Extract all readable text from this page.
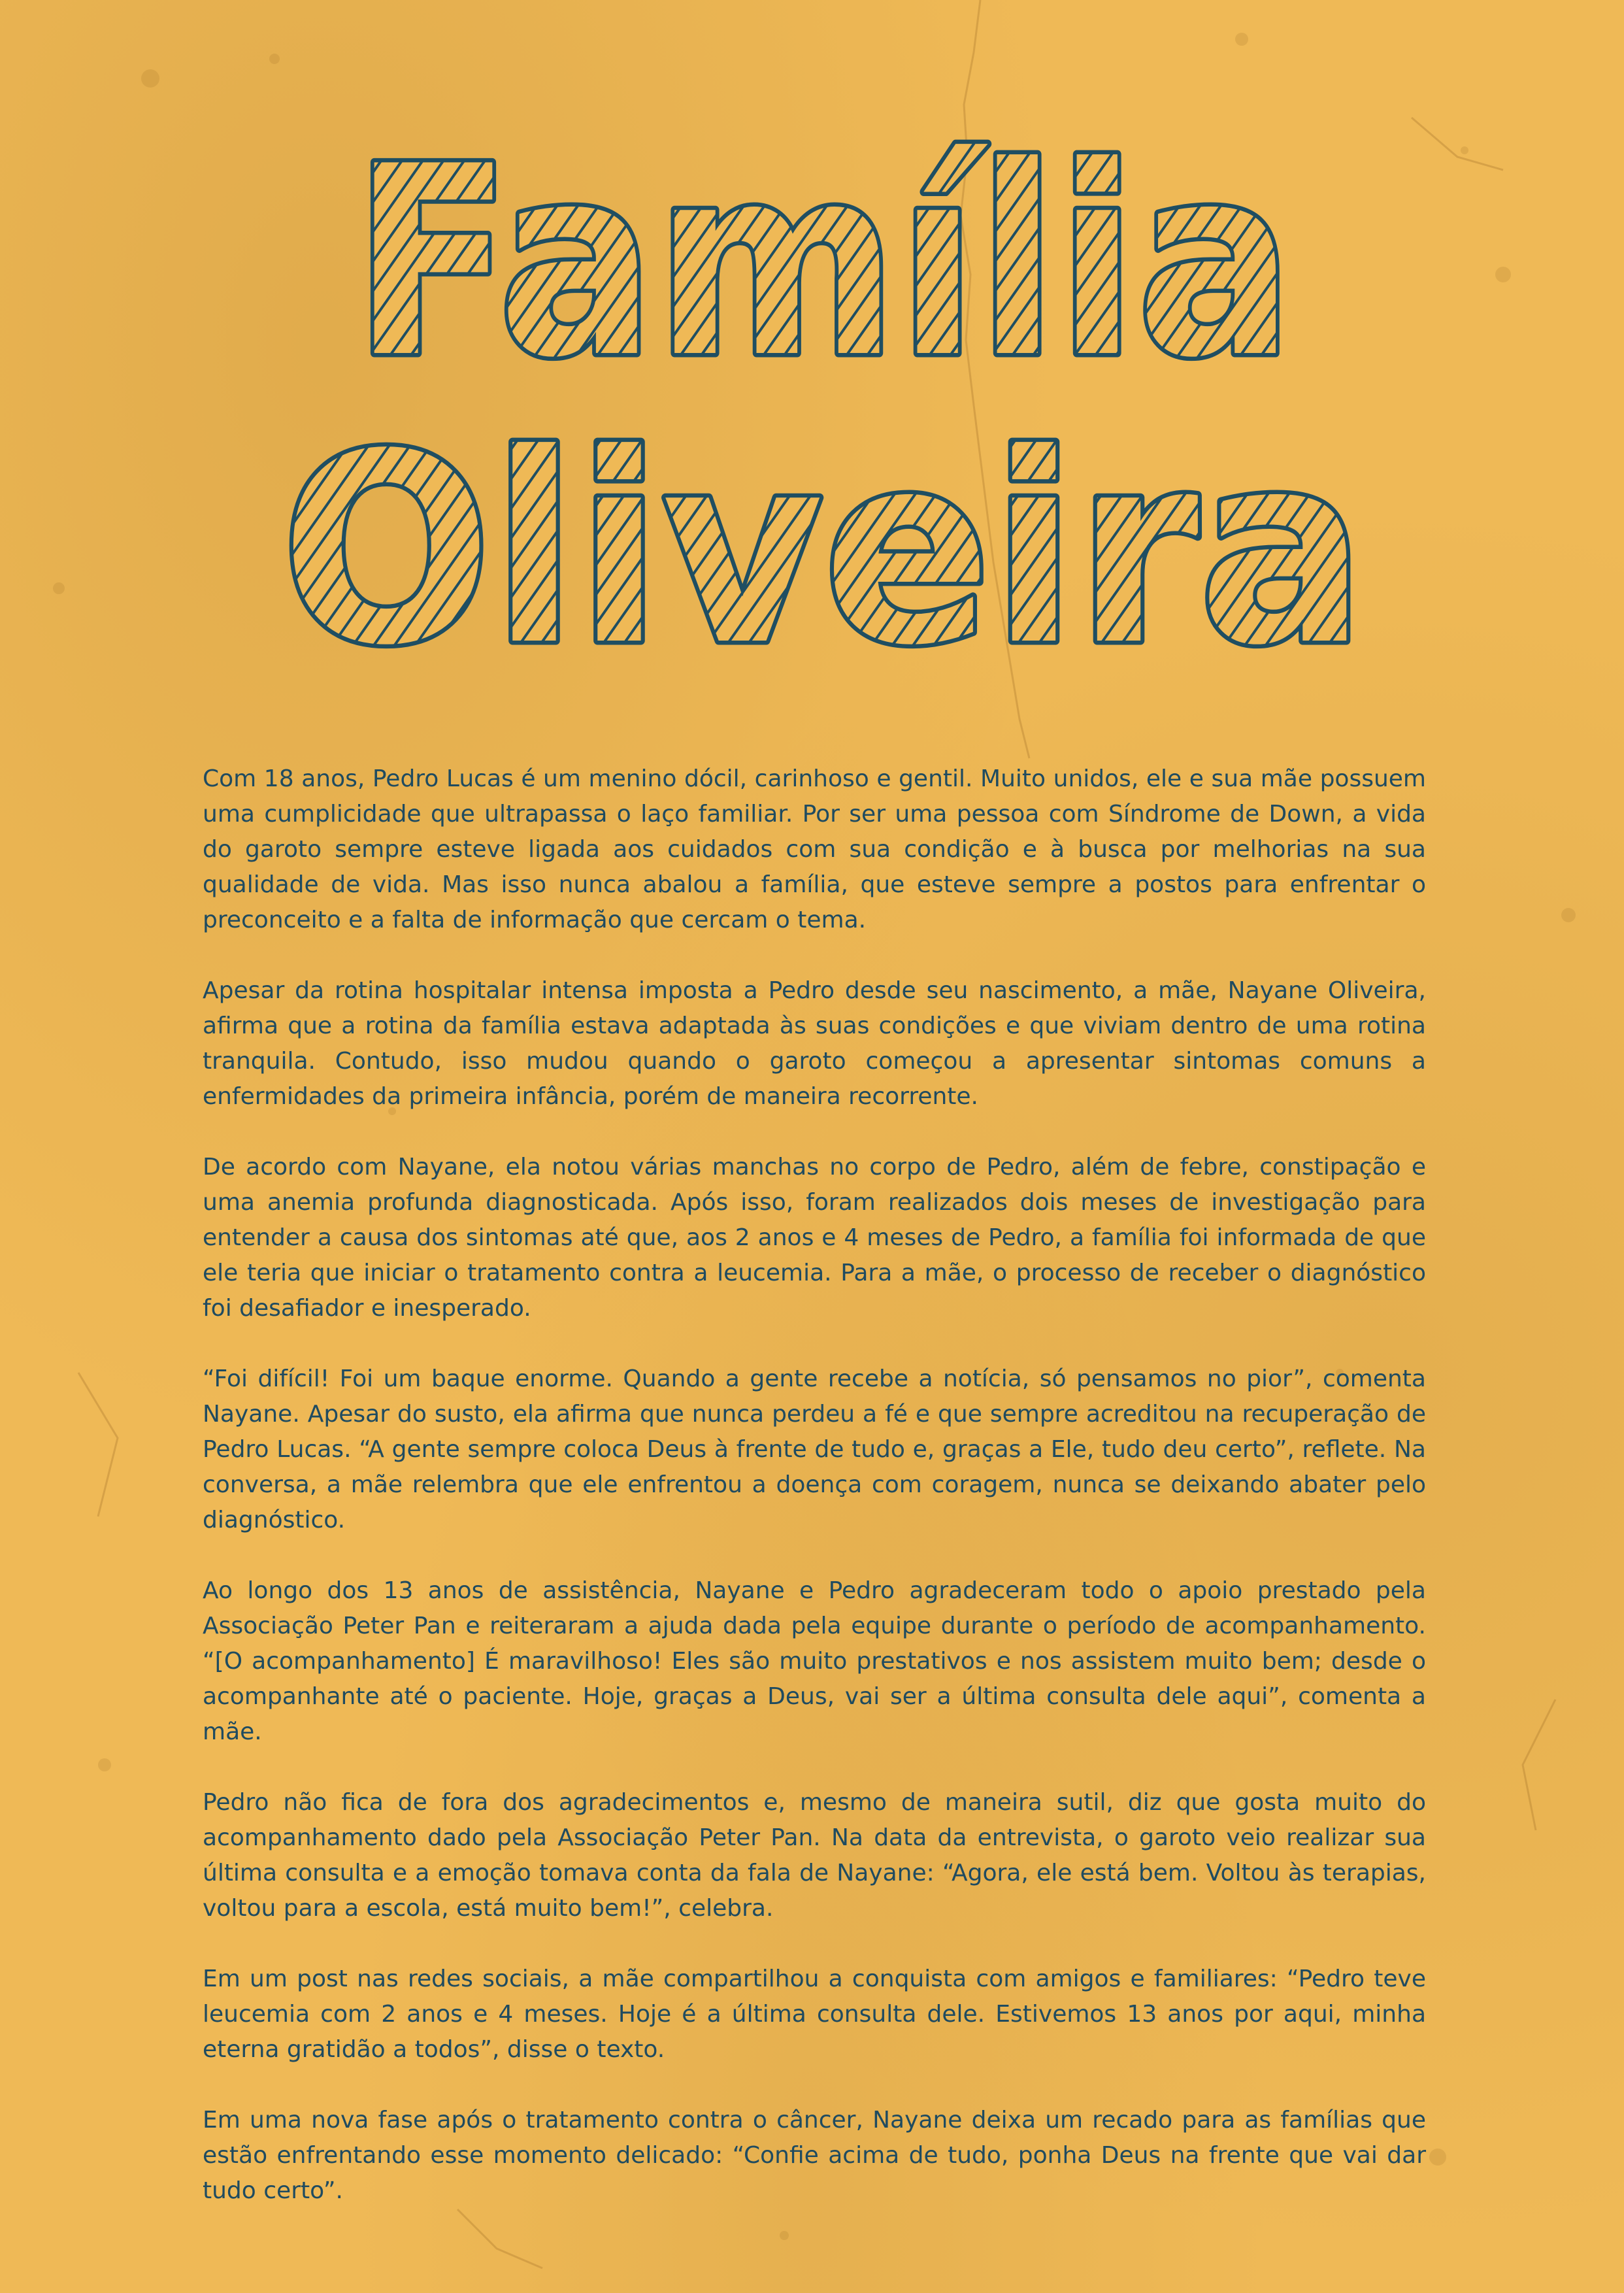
Família
Oliveira

Com 18 anos, Pedro Lucas é um menino dócil, carinhoso e gentil. Muito unidos, ele e sua mãe possuem uma cumplicidade que ultrapassa o laço familiar. Por ser uma pessoa com Síndrome de Down, a vida do garoto sempre esteve ligada aos cuidados com sua condição e à busca por melhorias na sua qualidade de vida. Mas isso nunca abalou a família, que esteve sempre a postos para enfrentar o preconceito e a falta de informação que cercam o tema.

Apesar da rotina hospitalar intensa imposta a Pedro desde seu nascimento, a mãe, Nayane Oliveira, afirma que a rotina da família estava adaptada às suas condições e que viviam dentro de uma rotina tranquila. Contudo, isso mudou quando o garoto começou a apresentar sintomas comuns a enfermidades da primeira infância, porém de maneira recorrente.

De acordo com Nayane, ela notou várias manchas no corpo de Pedro, além de febre, constipação e uma anemia profunda diagnosticada. Após isso, foram realizados dois meses de investigação para entender a causa dos sintomas até que, aos 2 anos e 4 meses de Pedro, a família foi informada de que ele teria que iniciar o tratamento contra a leucemia. Para a mãe, o processo de receber o diagnóstico foi desafiador e inesperado.

“Foi difícil! Foi um baque enorme. Quando a gente recebe a notícia, só pensamos no pior”, comenta Nayane. Apesar do susto, ela afirma que nunca perdeu a fé e que sempre acreditou na recuperação de Pedro Lucas. “A gente sempre coloca Deus à frente de tudo e, graças a Ele, tudo deu certo”, reflete. Na conversa, a mãe relembra que ele enfrentou a doença com coragem, nunca se deixando abater pelo diagnóstico.

Ao longo dos 13 anos de assistência, Nayane e Pedro agradeceram todo o apoio prestado pela Associação Peter Pan e reiteraram a ajuda dada pela equipe durante o período de acompanhamento. “[O acompanhamento] É maravilhoso! Eles são muito prestativos e nos assistem muito bem; desde o acompanhante até o paciente. Hoje, graças a Deus, vai ser a última consulta dele aqui”, comenta a mãe.

Pedro não fica de fora dos agradecimentos e, mesmo de maneira sutil, diz que gosta muito do acompanhamento dado pela Associação Peter Pan. Na data da entrevista, o garoto veio realizar sua última consulta e a emoção tomava conta da fala de Nayane: “Agora, ele está bem. Voltou às terapias, voltou para a escola, está muito bem!”, celebra.

Em um post nas redes sociais, a mãe compartilhou a conquista com amigos e familiares: “Pedro teve leucemia com 2 anos e 4 meses. Hoje é a última consulta dele. Estivemos 13 anos por aqui, minha eterna gratidão a todos”, disse o texto.

Em uma nova fase após o tratamento contra o câncer, Nayane deixa um recado para as famílias que estão enfrentando esse momento delicado: “Confie acima de tudo, ponha Deus na frente que vai dar tudo certo”.
